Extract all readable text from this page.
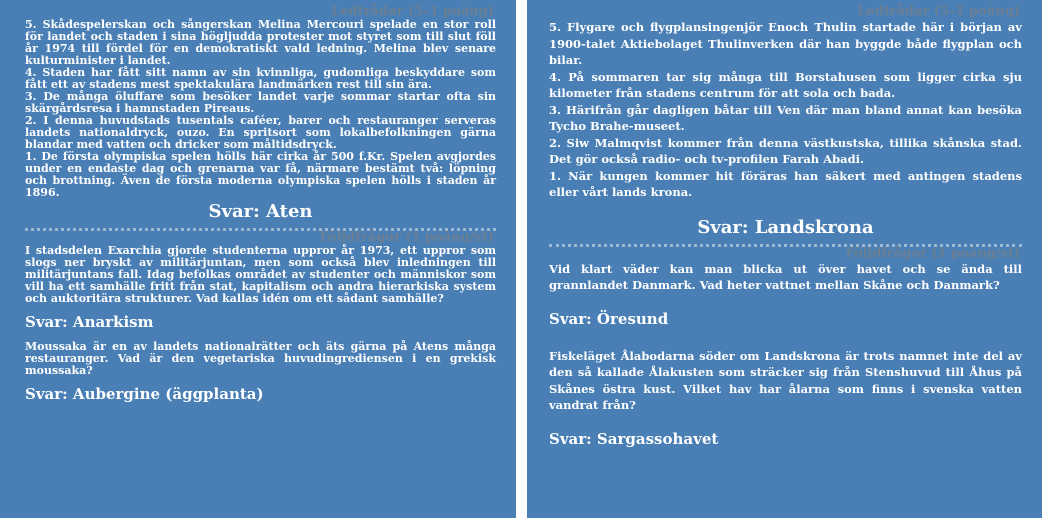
Ledtrådar (5–1 poäng)

5. Skådespelerskan och sångerskan Melina Mercouri spelade en stor roll för landet och staden i sina högljudda protester mot styret som till slut föll år 1974 till fördel för en demokratiskt vald ledning. Melina blev senare kulturminister i landet.

4. Staden har fått sitt namn av sin kvinnliga, gudomliga beskyddare som fått ett av stadens mest spektakulära landmärken rest till sin ära.

3. De många öluffare som besöker landet varje sommar startar ofta sin skärgårdsresa i hamnstaden Pireaus.

2. I denna huvudstads tusentals caféer, barer och restauranger serveras landets nationaldryck, ouzo. En spritsort som lokalbefolkningen gärna blandar med vatten och dricker som måltidsdryck.

1. De första olympiska spelen hölls här cirka år 500 f.Kr. Spelen avgjordes under en endaste dag och grenarna var få, närmare bestämt två: löpning och brottning. Även de första moderna olympiska spelen hölls i staden år 1896.

Svar: Aten
Följdfrågor (1 poäng/st)

I stadsdelen Exarchia gjorde studenterna uppror år 1973, ett uppror som slogs ner bryskt av militärjuntan, men som också blev inledningen till militärjuntans fall. Idag befolkas området av studenter och människor som vill ha ett samhälle fritt från stat, kapitalism och andra hierarkiska system och auktoritära strukturer. Vad kallas idén om ett sådant samhälle?

Svar: Anarkism

Moussaka är en av landets nationalrätter och äts gärna på Atens många restauranger. Vad är den vegetariska huvudingrediensen i en grekisk moussaka?

Svar: Aubergine (äggplanta)
Ledtrådar (5–1 poäng)

5. Flygare och flygplansingenjör Enoch Thulin startade här i början av 1900-talet Aktiebolaget Thulinverken där han byggde både flygplan och bilar.

4. På sommaren tar sig många till Borstahusen som ligger cirka sju kilometer från stadens centrum för att sola och bada.

3. Härifrån går dagligen båtar till Ven där man bland annat kan besöka Tycho Brahe-museet.

2. Siw Malmqvist kommer från denna västkustska, tillika skånska stad. Det gör också radio- och tv-profilen Farah Abadi.

1. När kungen kommer hit föräras han säkert med antingen stadens eller vårt lands krona.

Svar: Landskrona
Följdfrågor (1 poäng/st)

Vid klart väder kan man blicka ut över havet och se ända till grannlandet Danmark. Vad heter vattnet mellan Skåne och Danmark?

Svar: Öresund

Fiskeläget Ålabodarna söder om Landskrona är trots namnet inte del av den så kallade Ålakusten som sträcker sig från Stenshuvud till Åhus på Skånes östra kust. Vilket hav har ålarna som finns i svenska vatten vandrat från?

Svar: Sargassohavet
